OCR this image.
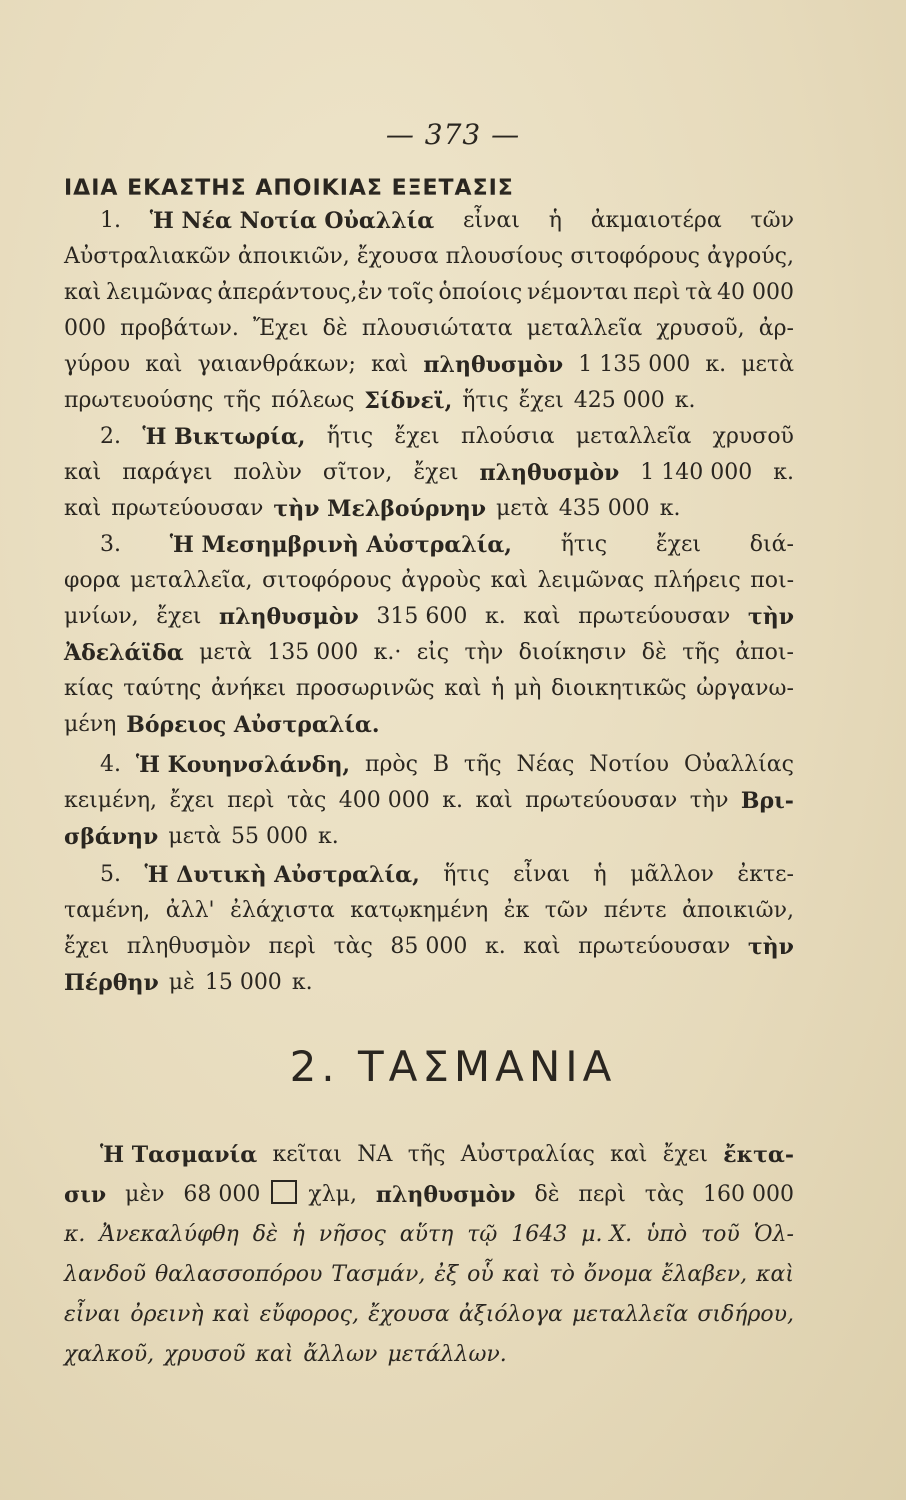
— 373 —
ΙΔΙΑ ΕΚΑΣΤΗΣ ΑΠΟΙΚΙΑΣ ΕΞΕΤΑΣΙΣ
1. Ἡ Νέα Νοτία Οὐαλλία εἶναι ἡ ἀκμαιοτέρα τῶν
Αὐστραλιακῶν ἀποικιῶν, ἔχουσα πλουσίους σιτοφόρους ἀγρούς,
καὶ λειμῶνας ἀπεράντους,ἐν τοῖς ὁποίοις νέμονται περὶ τὰ 40 000
000 προβάτων. Ἔχει δὲ πλουσιώτατα μεταλλεῖα χρυσοῦ, ἀρ-
γύρου καὶ γαιανθράκων; καὶ πληθυσμὸν 1 135 000 κ. μετὰ
πρωτευούσης τῆς πόλεως Σίδνεϊ, ἥτις ἔχει 425 000 κ.
2. Ἡ Βικτωρία, ἥτις ἔχει πλούσια μεταλλεῖα χρυσοῦ
καὶ παράγει πολὺν σῖτον, ἔχει πληθυσμὸν 1 140 000 κ.
καὶ πρωτεύουσαν τὴν Μελβούρνην μετὰ 435 000 κ.
3. Ἡ Μεσημβρινὴ Αὐστραλία, ἥτις ἔχει διά-
φορα μεταλλεῖα, σιτοφόρους ἀγροὺς καὶ λειμῶνας πλήρεις ποι-
μνίων, ἔχει πληθυσμὸν 315 600 κ. καὶ πρωτεύουσαν τὴν
Ἀδελάϊδα μετὰ 135 000 κ.· εἰς τὴν διοίκησιν δὲ τῆς ἀποι-
κίας ταύτης ἀνήκει προσωρινῶς καὶ ἡ μὴ διοικητικῶς ὠργανω-
μένη Βόρειος Αὐστραλία.
4. Ἡ Κουηνσλάνδη, πρὸς Β τῆς Νέας Νοτίου Οὐαλλίας
κειμένη, ἔχει περὶ τὰς 400 000 κ. καὶ πρωτεύουσαν τὴν Βρι-
σβάνην μετὰ 55 000 κ.
5. Ἡ Δυτικὴ Αὐστραλία, ἥτις εἶναι ἡ μᾶλλον ἐκτε-
ταμένη, ἀλλ' ἐλάχιστα κατῳκημένη ἐκ τῶν πέντε ἀποικιῶν,
ἔχει πληθυσμὸν περὶ τὰς 85 000 κ. καὶ πρωτεύουσαν τὴν
Πέρθην μὲ 15 000 κ.
2. ΤΑΣΜΑΝΙΑ
Ἡ Τασμανία κεῖται ΝΑ τῆς Αὐστραλίας καὶ ἔχει ἔκτα-
σιν μὲν 68 000  χλμ, πληθυσμὸν δὲ περὶ τὰς 160 000
κ. Ἀνεκαλύφθη δὲ ἡ νῆσος αὕτη τῷ 1643 μ. Χ. ὑπὸ τοῦ Ὁλ-
λανδοῦ θαλασσοπόρου Τασμάν, ἐξ οὗ καὶ τὸ ὄνομα ἔλαβεν, καὶ
εἶναι ὀρεινὴ καὶ εὔφορος, ἔχουσα ἀξιόλογα μεταλλεῖα σιδήρου,
χαλκοῦ, χρυσοῦ καὶ ἄλλων μετάλλων.
